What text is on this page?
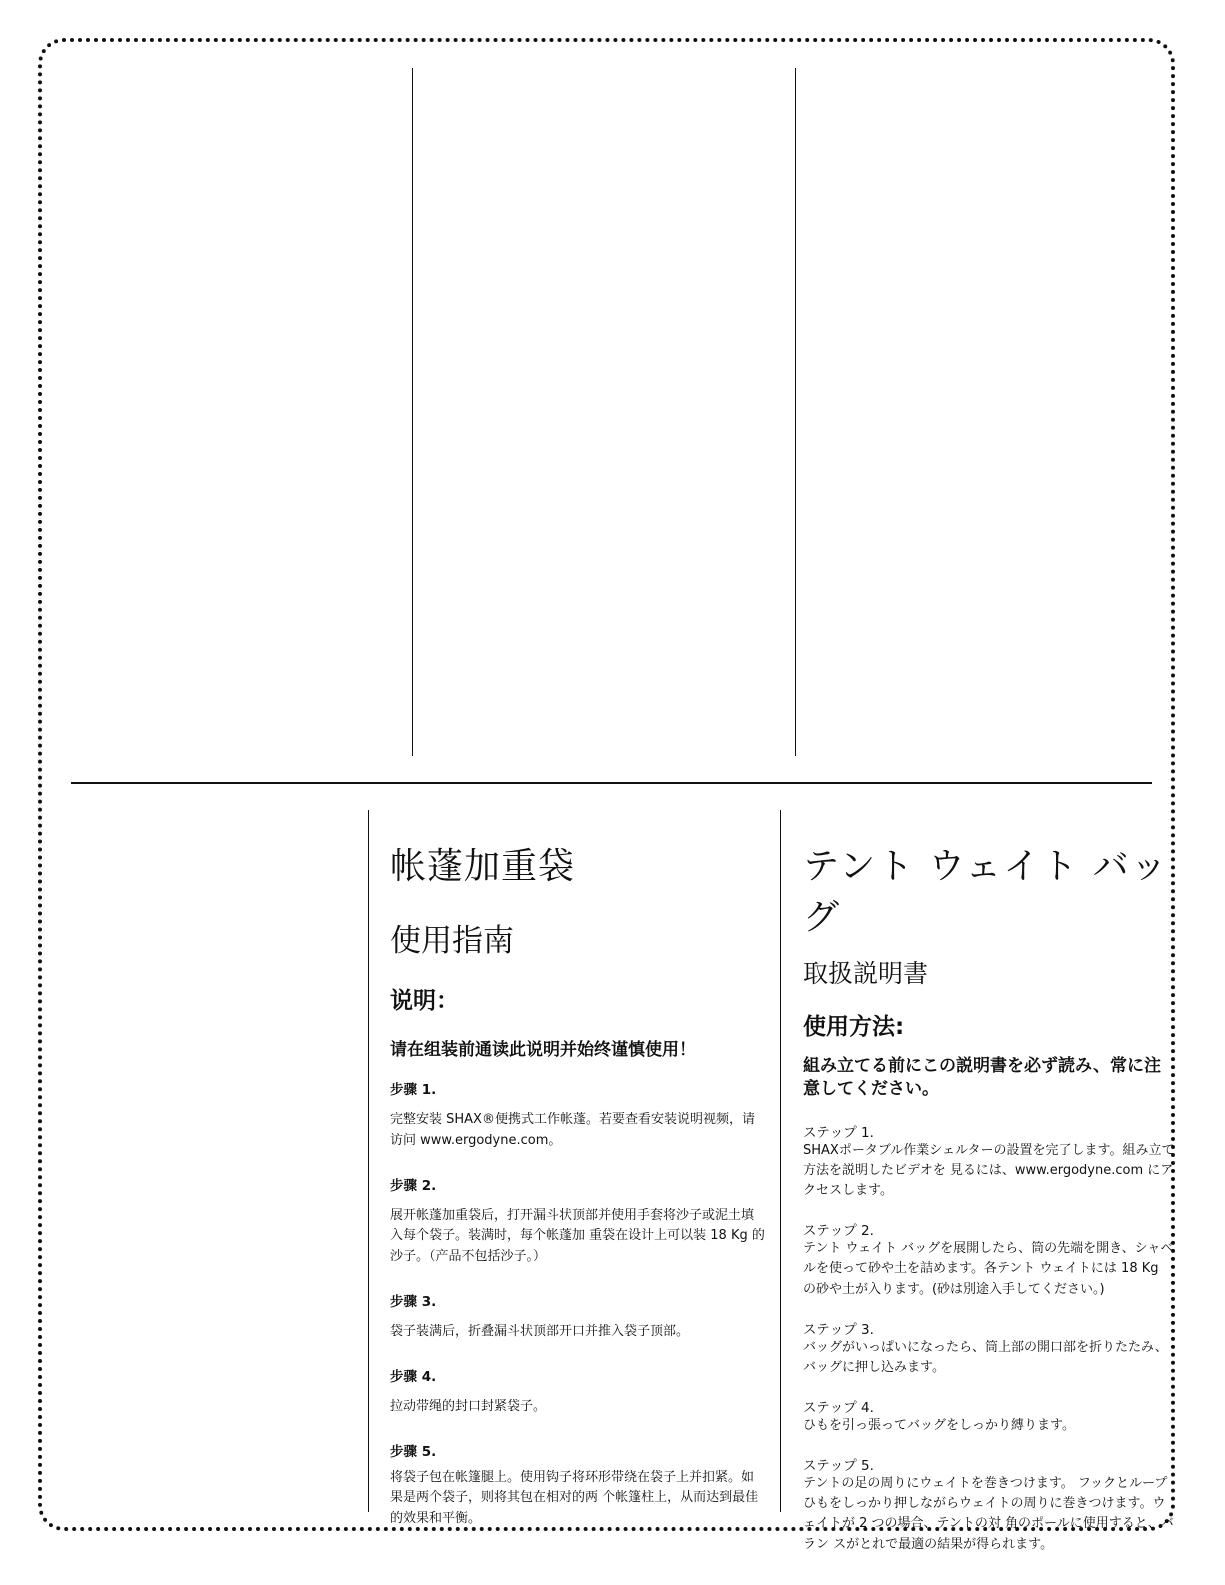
帐蓬加重袋
使用指南
说明：

请在组装前通读此说明并始终谨慎使用！

步骤 1.

完整安装 SHAX®便携式工作帐蓬。若要查看安装说明视频，请访问 www.ergodyne.com。

步骤 2.

展开帐蓬加重袋后，打开漏斗状顶部并使用手套将沙子或泥土填入每个袋子。装满时，每个帐蓬加 重袋在设计上可以装 18 Kg 的沙子。（产品不包括沙子。）

步骤 3.

袋子装满后，折叠漏斗状顶部开口并推入袋子顶部。

步骤 4.

拉动带绳的封口封紧袋子。

步骤 5.

将袋子包在帐篷腿上。使用钩子将环形带绕在袋子上并扣紧。如果是两个袋子，则将其包在相对的两 个帐篷柱上，从而达到最佳的效果和平衡。

テント ウェイト バッグ
取扱説明書
使用方法:

組み立てる前にこの説明書を必ず読み、常に注意してください。

ステップ 1.

SHAXポータブル作業シェルターの設置を完了します。組み立て方法を説明したビデオを 見るには、www.ergodyne.com にアクセスします。

ステップ 2.

テント ウェイト バッグを展開したら、筒の先端を開き、シャベルを使って砂や土を詰めます。各テント ウェイトには 18 Kg の砂や土が入ります。(砂は別途入手してください。)

ステップ 3.

バッグがいっぱいになったら、筒上部の開口部を折りたたみ、バッグに押し込みます。

ステップ 4.

ひもを引っ張ってバッグをしっかり縛ります。

ステップ 5.

テントの足の周りにウェイトを巻きつけます。 フックとループひもをしっかり押しながらウェイトの周りに巻きつけます。ウェイトが 2 つの場合、テントの対 角のポールに使用すると、バラン スがとれで最適の結果が得られます。
